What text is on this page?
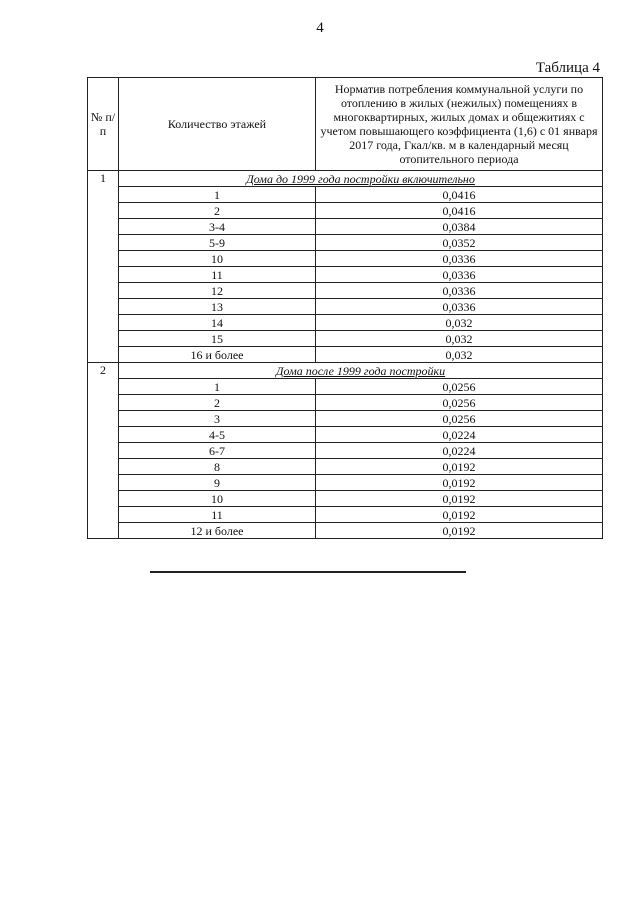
4
Таблица 4
№ п/п	Количество этажей	Норматив потребления коммунальной услуги по отоплению в жилых (нежилых) помещениях в многоквартирных, жилых домах и общежитиях с учетом повышающего коэффициента (1,6) с 01 января 2017 года, Гкал/кв. м в календарный месяц отопительного периода
1	Дома до 1999 года постройки включительно	
	1	0,0416
	2	0,0416
	3-4	0,0384
	5-9	0,0352
	10	0,0336
	11	0,0336
	12	0,0336
	13	0,0336
	14	0,032
	15	0,032
	16 и более	0,032
2	Дома после 1999 года постройки	
	1	0,0256
	2	0,0256
	3	0,0256
	4-5	0,0224
	6-7	0,0224
	8	0,0192
	9	0,0192
	10	0,0192
	11	0,0192
	12 и более	0,0192
